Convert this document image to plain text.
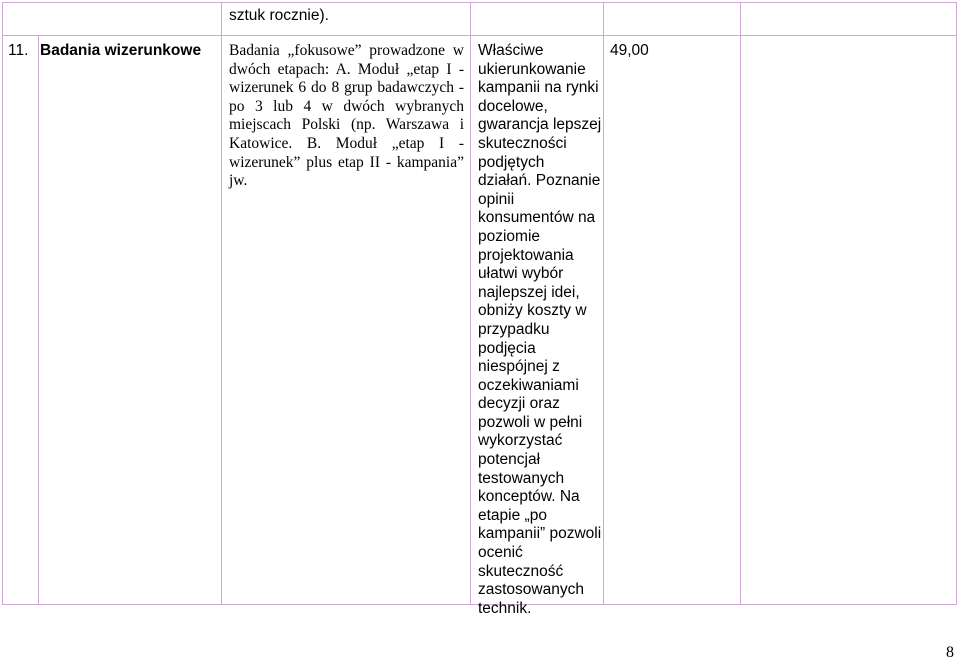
sztuk rocznie).
11. Badania wizerunkowe	Badania „fokusowe” prowadzone w dwóch etapach: A. Moduł „etap I - wizerunek 6 do 8 grup badawczych - po 3 lub 4 w dwóch wybranych miejscach Polski (np. Warszawa i Katowice. B. Moduł „etap I - wizerunek” plus etap II - kampania” jw.
Właściwe ukierunkowanie kampanii na rynki docelowe, gwarancja lepszej skuteczności podjętych działań. Poznanie opinii konsumentów na poziomie projektowania ułatwi wybór najlepszej idei, obniży koszty w przypadku podjęcia niespójnej z oczekiwaniami decyzji oraz pozwoli w pełni wykorzystać potencjał testowanych konceptów. Na etapie „po kampanii” pozwoli ocenić skuteczność zastosowanych technik.
49,00
8
